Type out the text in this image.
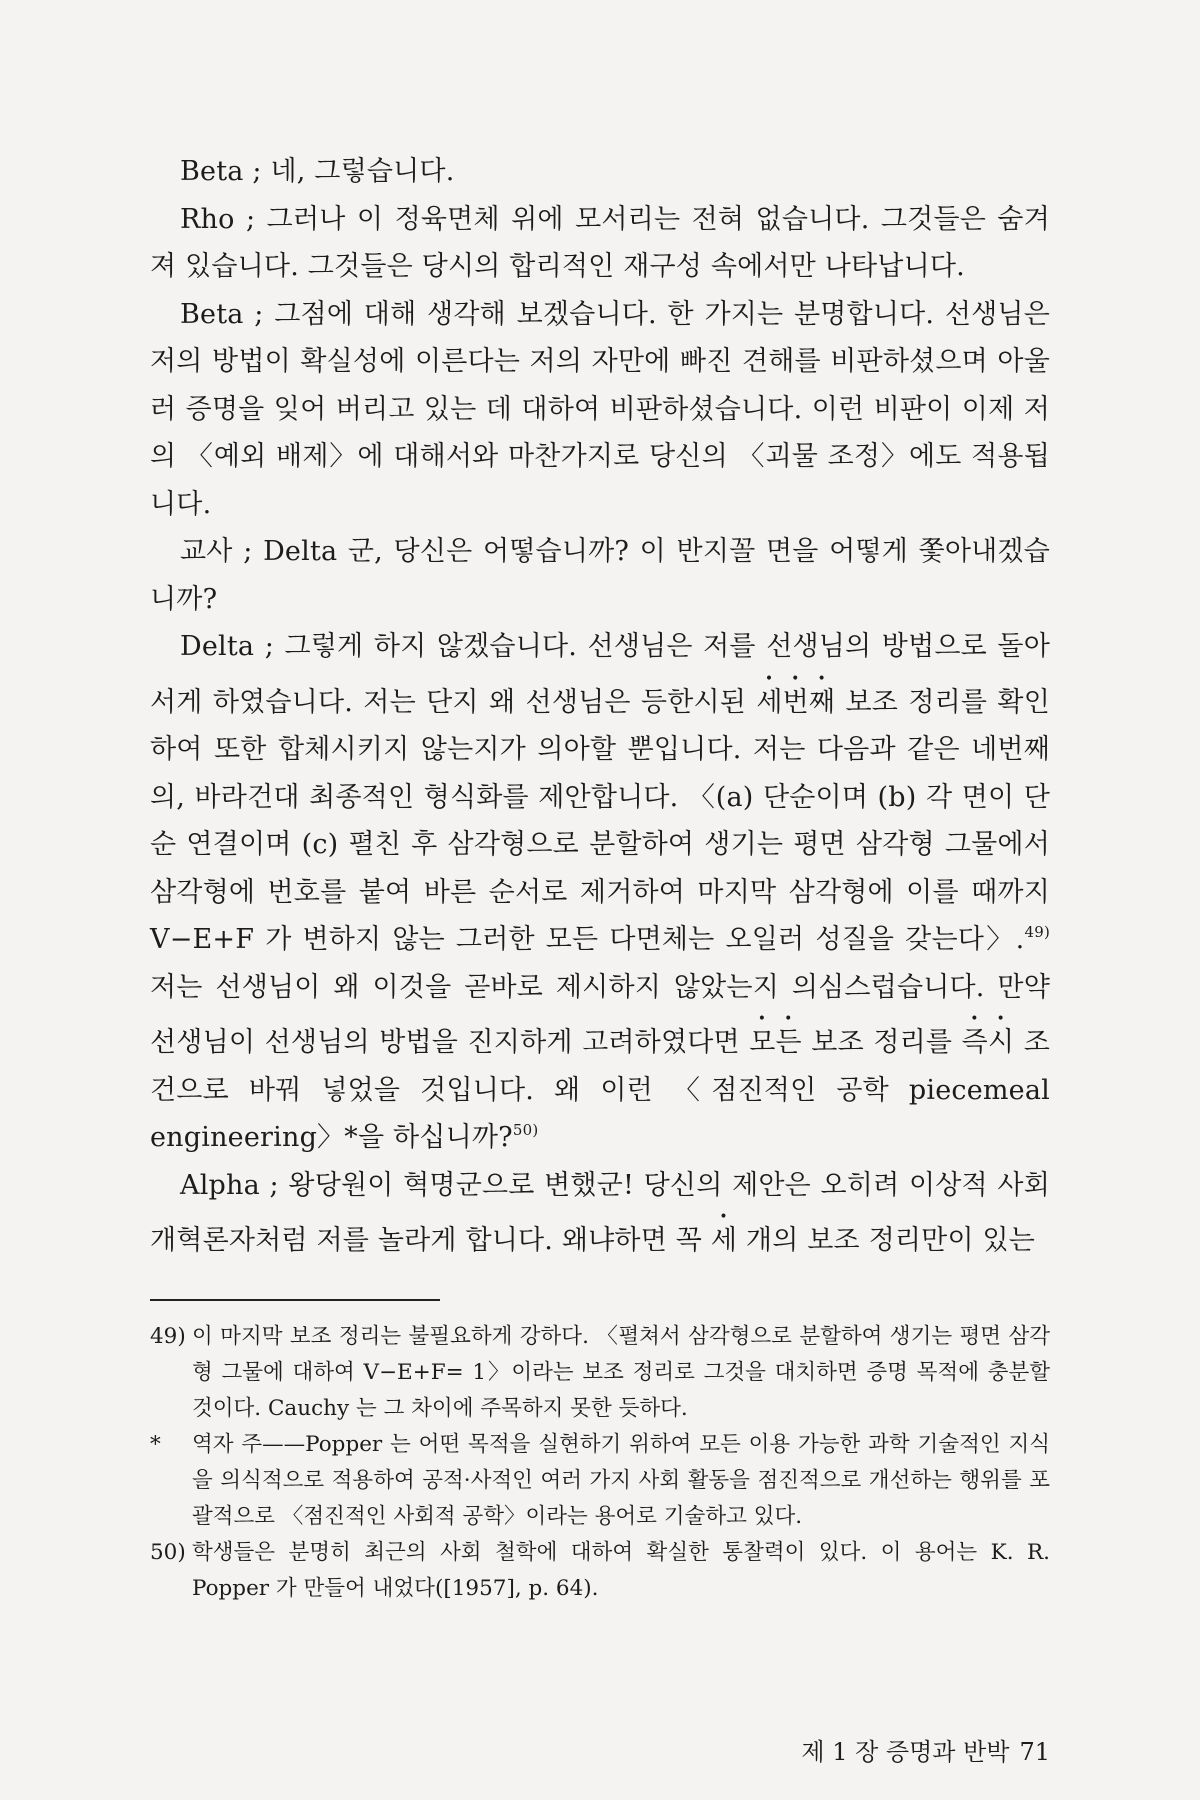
Beta ; 네, 그렇습니다.

Rho ; 그러나 이 정육면체 위에 모서리는 전혀 없습니다. 그것들은 숨겨져 있습니다. 그것들은 당시의 합리적인 재구성 속에서만 나타납니다.

Beta ; 그점에 대해 생각해 보겠습니다. 한 가지는 분명합니다. 선생님은 저의 방법이 확실성에 이른다는 저의 자만에 빠진 견해를 비판하셨으며 아울러 증명을 잊어 버리고 있는 데 대하여 비판하셨습니다. 이런 비판이 이제 저의 〈예외 배제〉에 대해서와 마찬가지로 당신의 〈괴물 조정〉에도 적용됩니다.

교사 ; Delta 군, 당신은 어떻습니까? 이 반지꼴 면을 어떻게 쫓아내겠습니까?

Delta ; 그렇게 하지 않겠습니다. 선생님은 저를 선생님의 방법으로 돌아서게 하였습니다. 저는 단지 왜 선생님은 등한시된 세번째 보조 정리를 확인하여 또한 합체시키지 않는지가 의아할 뿐입니다. 저는 다음과 같은 네번째의, 바라건대 최종적인 형식화를 제안합니다. 〈(a) 단순이며 (b) 각 면이 단순 연결이며 (c) 펼친 후 삼각형으로 분할하여 생기는 평면 삼각형 그물에서 삼각형에 번호를 붙여 바른 순서로 제거하여 마지막 삼각형에 이를 때까지 V−E+F 가 변하지 않는 그러한 모든 다면체는 오일러 성질을 갖는다〉.$^{49)}$ 저는 선생님이 왜 이것을 곧바로 제시하지 않았는지 의심스럽습니다. 만약 선생님이 선생님의 방법을 진지하게 고려하였다면 모든 보조 정리를 즉시 조건으로 바꿔 넣었을 것입니다. 왜 이런 〈점진적인 공학 piecemeal engineering〉*을 하십니까?$^{50)}$

Alpha ; 왕당원이 혁명군으로 변했군! 당신의 제안은 오히려 이상적 사회 개혁론자처럼 저를 놀라게 합니다. 왜냐하면 꼭 세 개의 보조 정리만이 있는

49) 이 마지막 보조 정리는 불필요하게 강하다. 〈펼쳐서 삼각형으로 분할하여 생기는 평면 삼각형 그물에 대하여 V−E+F= 1〉이라는 보조 정리로 그것을 대치하면 증명 목적에 충분할 것이다. Cauchy 는 그 차이에 주목하지 못한 듯하다.

* 역자 주——Popper 는 어떤 목적을 실현하기 위하여 모든 이용 가능한 과학 기술적인 지식을 의식적으로 적용하여 공적·사적인 여러 가지 사회 활동을 점진적으로 개선하는 행위를 포괄적으로 〈점진적인 사회적 공학〉이라는 용어로 기술하고 있다.

50) 학생들은 분명히 최근의 사회 철학에 대하여 확실한 통찰력이 있다. 이 용어는 K. R. Popper 가 만들어 내었다([1957], p. 64).

제 1 장 증명과 반박 71
